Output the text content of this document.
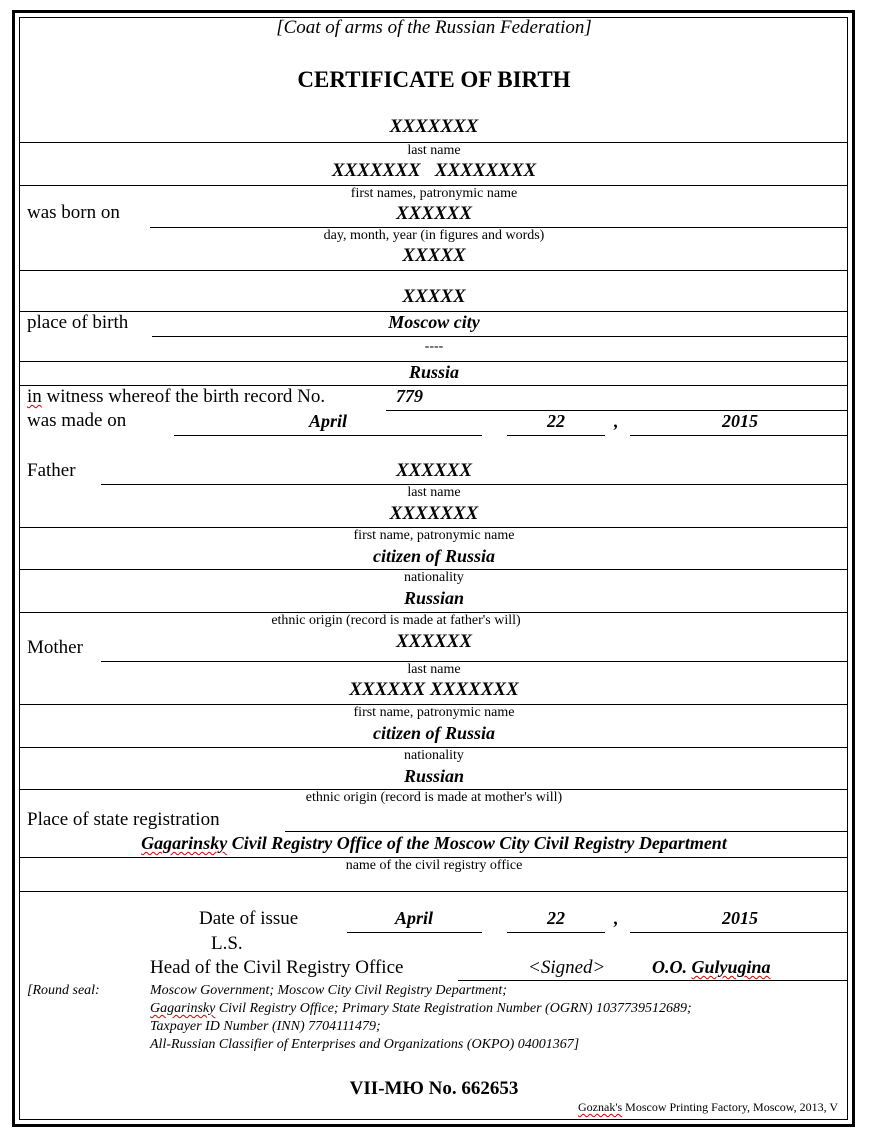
[Coat of arms of the Russian Federation]
CERTIFICATE OF BIRTH
XXXXXXX
last name
XXXXXXX   XXXXXXXX
first names, patronymic name
was born on	XXXXXX
day, month, year (in figures and words)
XXXXX
XXXXX
place of birth	Moscow city
----
Russia
in witness whereof the birth record No.	779
was made on	April	22	,	2015
Father	XXXXXX
last name
XXXXXXX
first name, patronymic name
citizen of Russia
nationality
Russian
ethnic origin (record is made at father's will)
Mother	XXXXXX
last name
XXXXXX XXXXXXX
first name, patronymic name
citizen of Russia
nationality
Russian
ethnic origin (record is made at mother's will)
Place of state registration
Gagarinsky Civil Registry Office of the Moscow City Civil Registry Department
name of the civil registry office
Date of issue	April	22	,	2015
L.S.
Head of the Civil Registry Office	<Signed>	O.O. Gulyugina
[Round seal:	Moscow Government; Moscow City Civil Registry Department;
Gagarinsky Civil Registry Office; Primary State Registration Number (OGRN) 1037739512689;
Taxpayer ID Number (INN) 7704111479;
All-Russian Classifier of Enterprises and Organizations (OKPO) 04001367]
VII-МЮ No. 662653
Goznak's Moscow Printing Factory, Moscow, 2013, V
